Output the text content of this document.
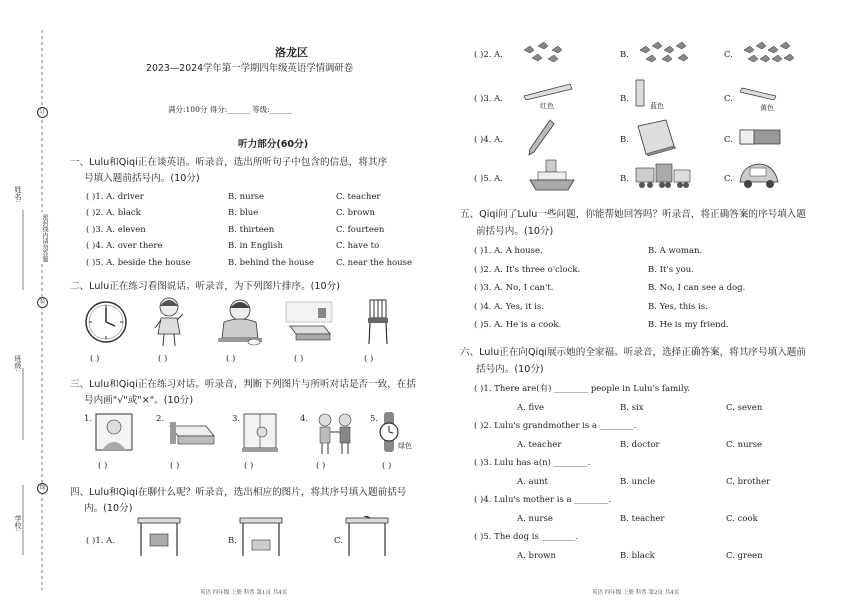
订
装
线
姓名:
密封线内请勿答题
班级:
学校:
洛龙区
2023—2024学年第一学期四年级英语学情调研卷
满分:100分 得分:______ 等级:______
听力部分(60分)
一、Lulu和Qiqi正在谈英语。听录音，选出所听句子中包含的信息，将其序
号填入题前括号内。(10分)
( )1. A. driver	B. nurse	C. teacher
( )2. A. black	B. blue	C. brown
( )3. A. eleven	B. thirteen	C. fourteen
( )4. A. over there	B. in English	C. have to
( )5. A. beside the house	B. behind the house	C. near the house
二、Lulu正在练习看图说话。听录音，为下列图片排序。(10分)
( )	( )	( )	( )	( )
三、Lulu和Qiqi正在练习对话。听录音，判断下列图片与所听对话是否一致，在括
号内画"√"或"×"。(10分)
1.	2.	3.	4.	5.
绿色
( )	( )	( )	( )	( )
四、Lulu和Qiqi在聊什么呢？听录音，选出相应的图片，将其序号填入题前括号
内。(10分)
( )1. A.	B.	C.
英语 四年级 上册 科普 第1页 共4页
( )2. A.	B.	C.
( )3. A.
红色
B.
蓝色
C.
黄色
( )4. A.	B.	C.
( )5. A.	B.	C.
五、Qiqi问了Lulu一些问题，你能帮她回答吗？听录音，将正确答案的序号填入题
前括号内。(10分)
( )1. A. A house.	B. A woman.
( )2. A. It's three o'clock.	B. It's you.
( )3. A. No, I can't.	B. No, I can see a dog.
( )4. A. Yes, it is.	B. Yes, this is.
( )5. A. He is a cook.	B. He is my friend.
六、Lulu正在向Qiqi展示她的全家福。听录音，选择正确答案，将其序号填入题前
括号内。(10分)
( )1. There are(有) ________ people in Lulu's family.
A. five	B. six	C. seven
( )2. Lulu's grandmother is a ________.
A. teacher	B. doctor	C. nurse
( )3. Lulu has a(n) ________.
A. aunt	B. uncle	C. brother
( )4. Lulu's mother is a ________.
A. nurse	B. teacher	C. cook
( )5. The dog is ________.
A. brown	B. black	C. green
英语 四年级 上册 科普 第2页 共4页
